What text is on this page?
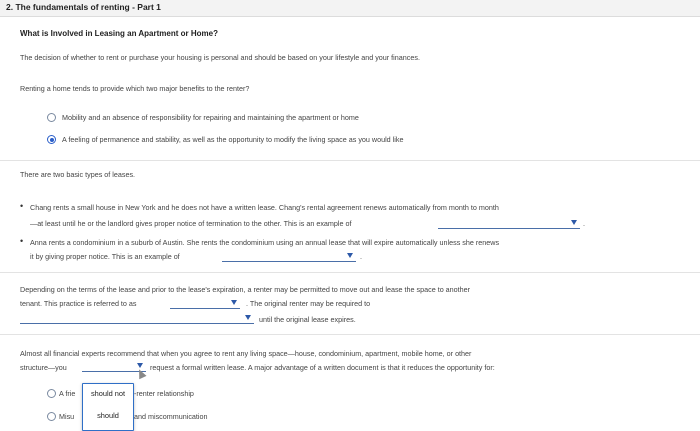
2. The fundamentals of renting - Part 1
What is Involved in Leasing an Apartment or Home?
The decision of whether to rent or purchase your housing is personal and should be based on your lifestyle and your finances.
Renting a home tends to provide which two major benefits to the renter?
Mobility and an absence of responsibility for repairing and maintaining the apartment or home
A feeling of permanence and stability, as well as the opportunity to modify the living space as you would like
There are two basic types of leases.
• Chang rents a small house in New York and he does not have a written lease. Chang's rental agreement renews automatically from month to month
—at least until he or the landlord gives proper notice of termination to the other. This is an example of	.
• Anna rents a condominium in a suburb of Austin. She rents the condominium using an annual lease that will expire automatically unless she renews
it by giving proper notice. This is an example of	.
Depending on the terms of the lease and prior to the lease's expiration, a renter may be permitted to move out and lease the space to another
tenant. This practice is referred to as	. The original renter may be required to
until the original lease expires.
Almost all financial experts recommend that when you agree to rent any living space—house, condominium, apartment, mobile home, or other
structure—you	request a formal written lease. A major advantage of a written document is that it reduces the opportunity for:
A frie	-renter relationship
Misu	and miscommunication
should not
should
